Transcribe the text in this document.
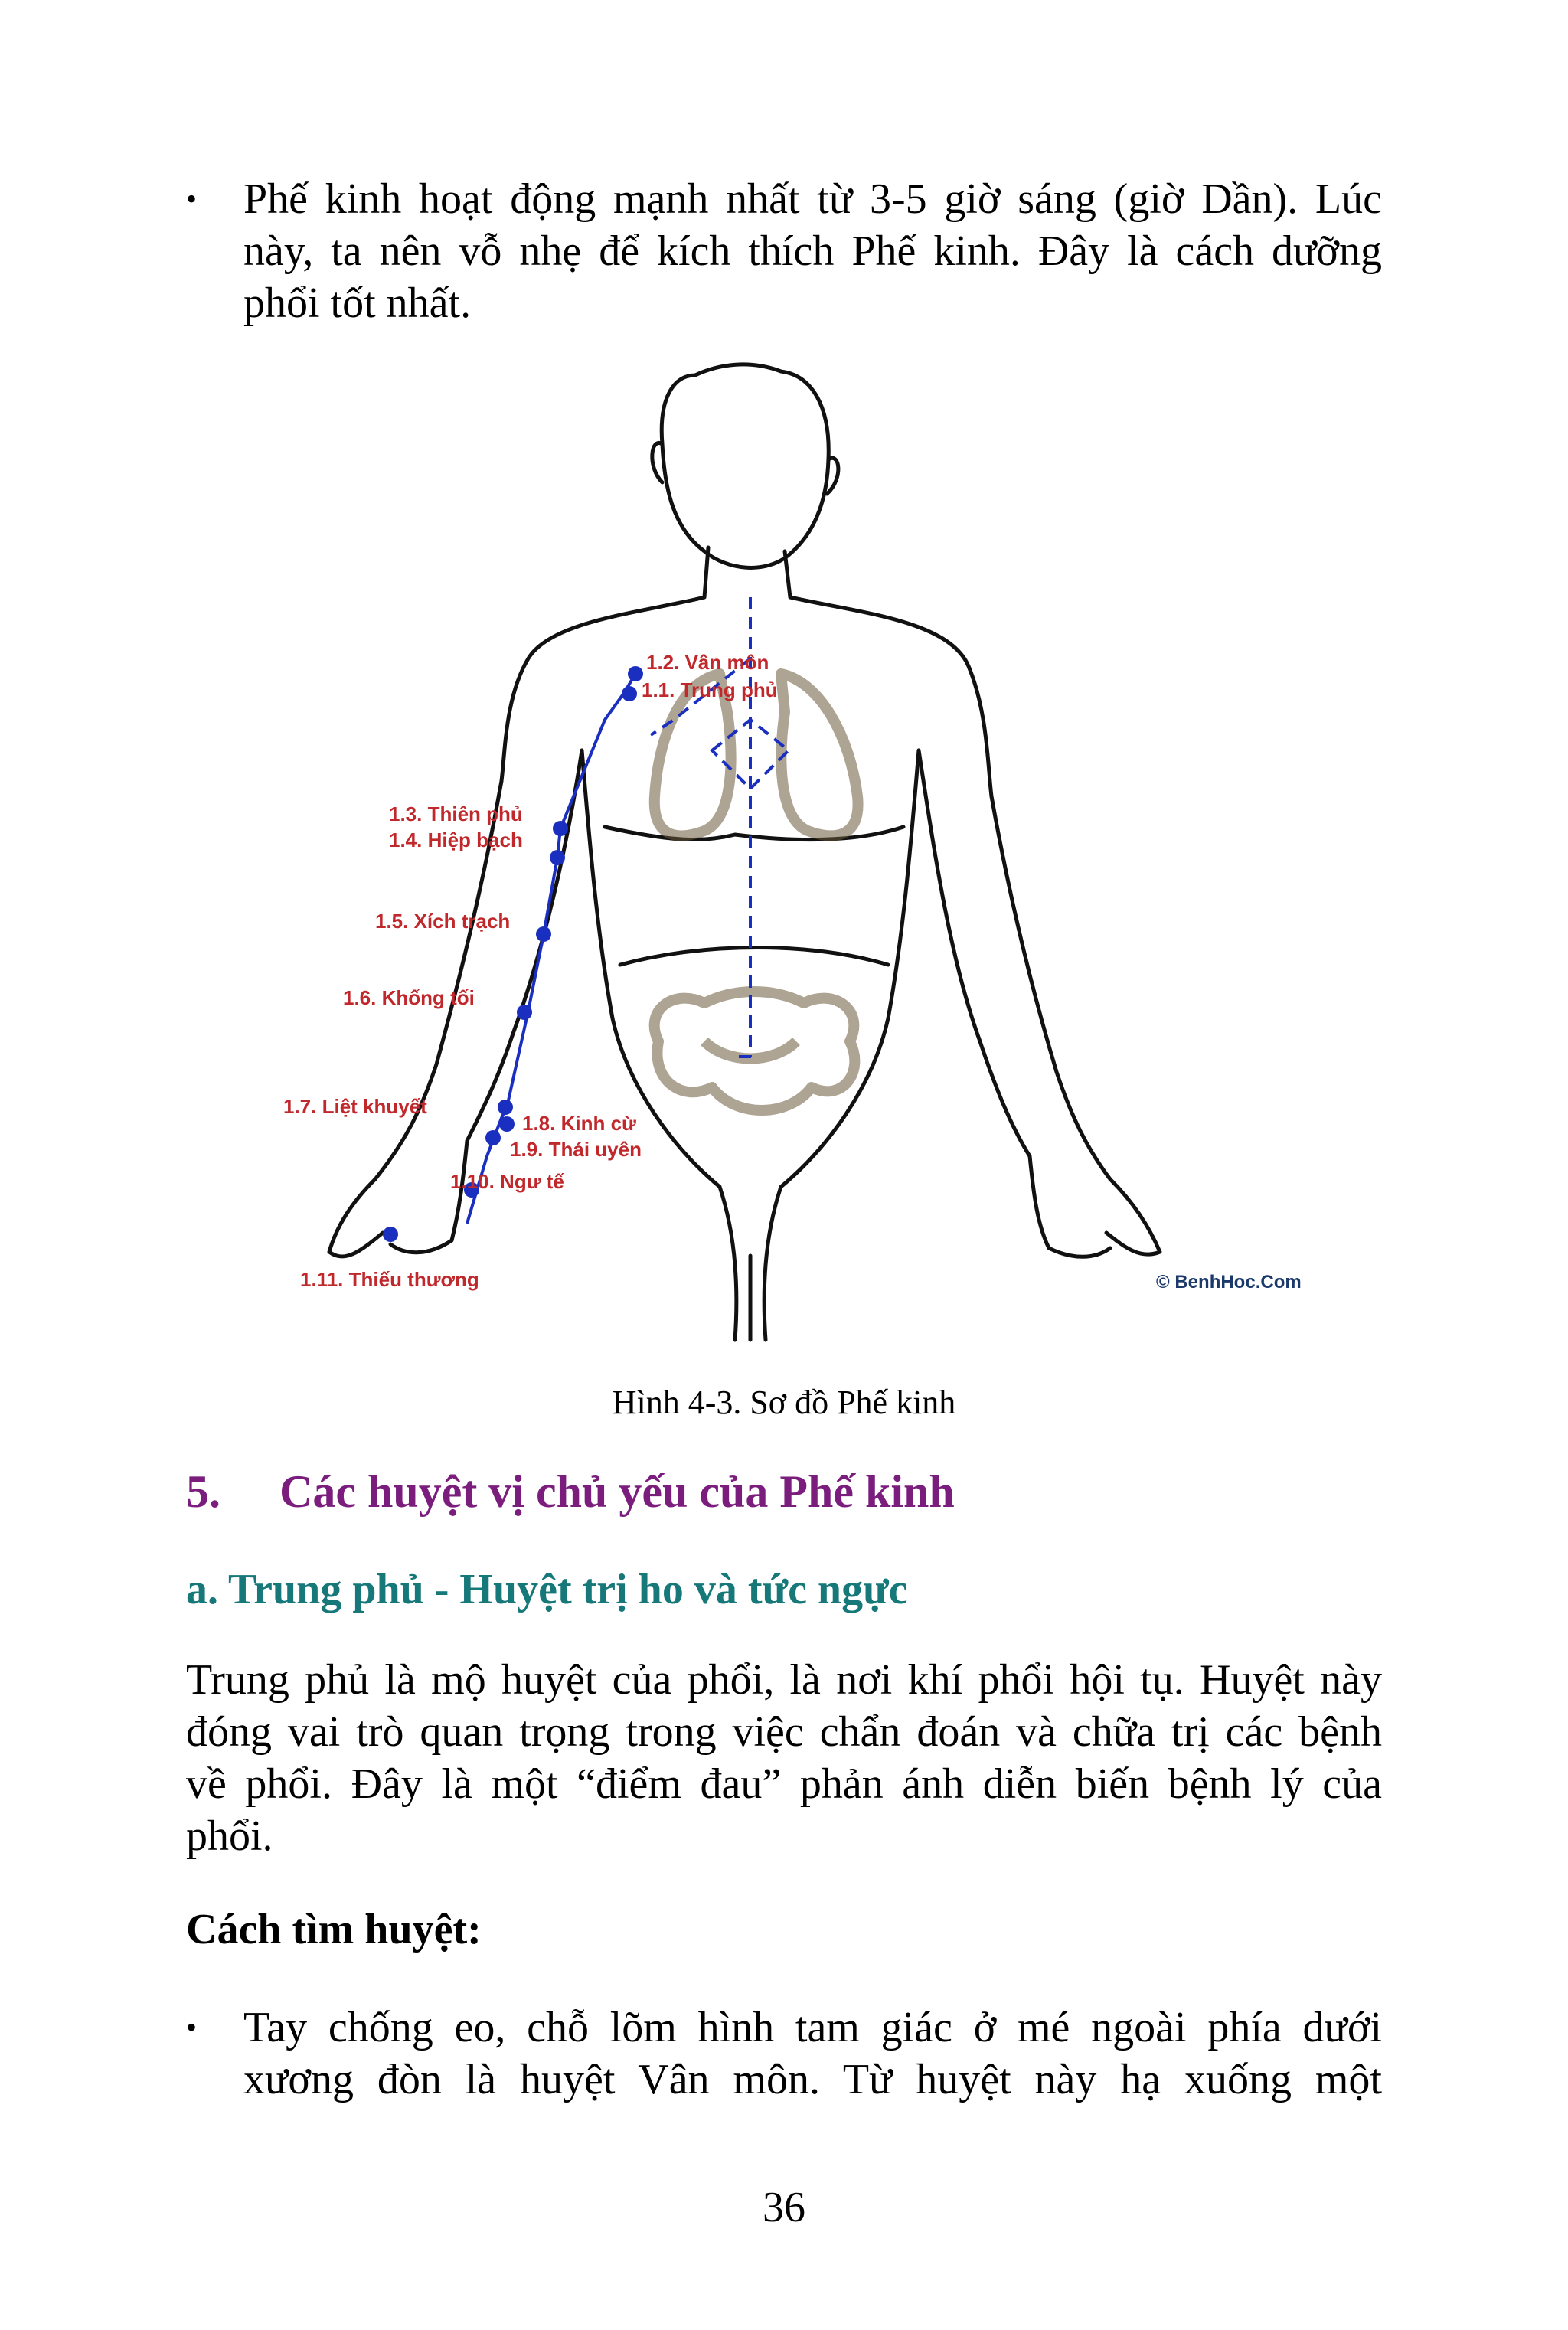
• Phế kinh hoạt động mạnh nhất từ 3-5 giờ sáng (giờ Dần). Lúc
này, ta nên vỗ nhẹ để kích thích Phế kinh. Đây là cách dưỡng
phổi tốt nhất.
1.2. Vân môn
1.1. Trung phủ
1.3. Thiên phủ
1.4. Hiệp bạch
1.5. Xích trạch
1.6. Khổng tối
1.7. Liệt khuyết
1.8. Kinh cừ
1.9. Thái uyên
1.10. Ngư tế
1.11. Thiếu thương	© BenhHoc.Com
Hình 4-3. Sơ đồ Phế kinh
5. Các huyệt vị chủ yếu của Phế kinh
a. Trung phủ - Huyệt trị ho và tức ngực
Trung phủ là mộ huyệt của phổi, là nơi khí phổi hội tụ. Huyệt này
đóng vai trò quan trọng trong việc chẩn đoán và chữa trị các bệnh
về phổi. Đây là một “điểm đau” phản ánh diễn biến bệnh lý của
phổi.
Cách tìm huyệt:
• Tay chống eo, chỗ lõm hình tam giác ở mé ngoài phía dưới
xương đòn là huyệt Vân môn. Từ huyệt này hạ xuống một
36
